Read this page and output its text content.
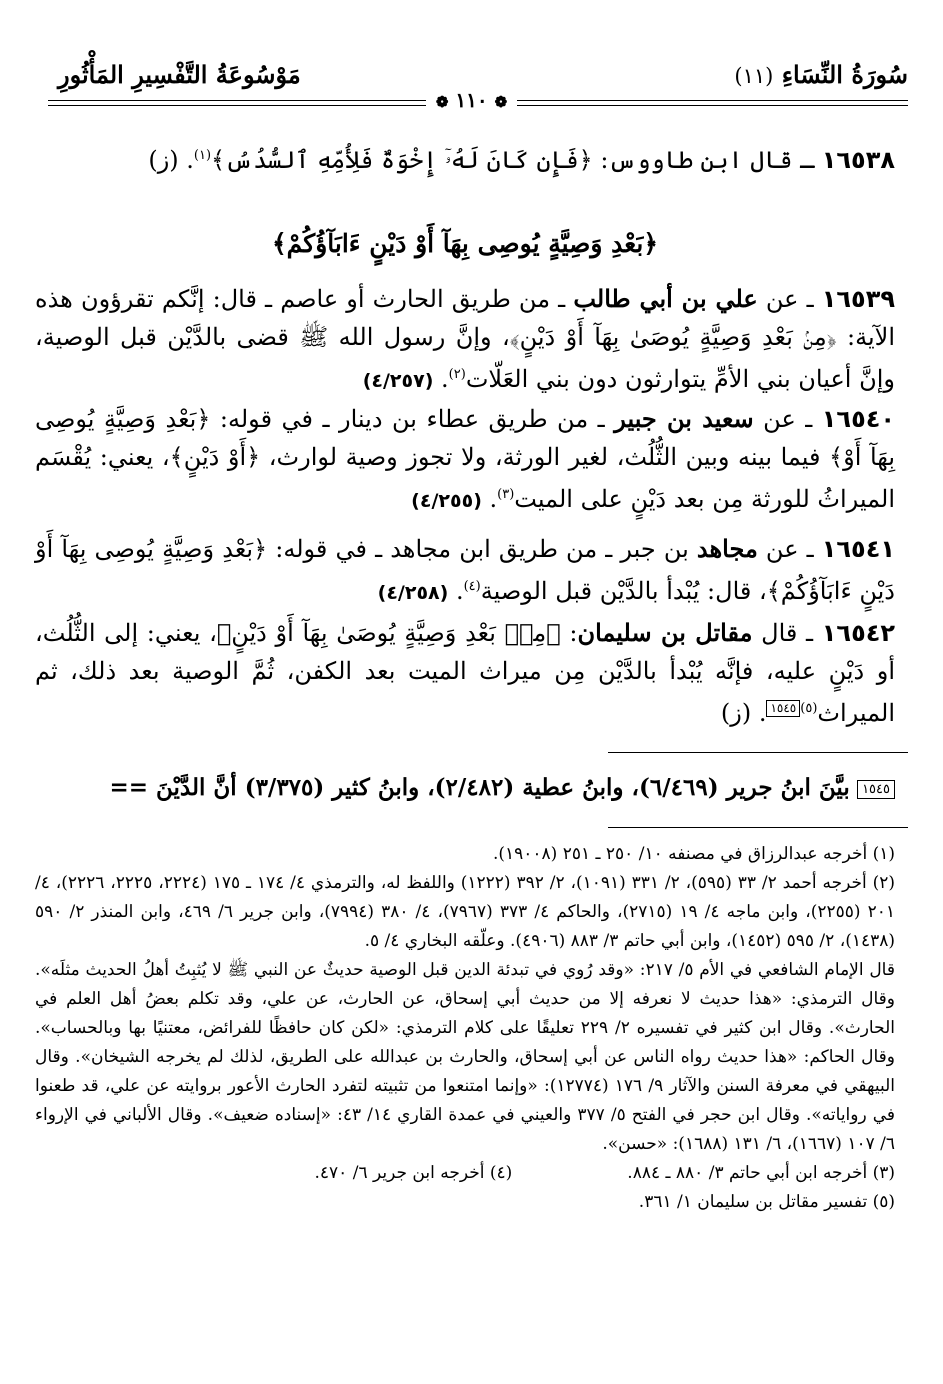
سُورَةُ النِّسَاءِ (١١)
مَوْسُوعَةُ التَّفْسِيرِ المَأْثُورِ
❁ ١١٠ ❁
١٦٥٣٨ ـ قال ابن طاووس: ﴿فَإِن كَانَ لَهُۥٓ إِخْوَةٌ فَلِأُمِّهِ ٱلسُّدُسُ﴾$^{(١)}$. (ز)
﴿بَعْدِ وَصِيَّةٍ يُوصِى بِهَآ أَوْ دَيْنٍ ءَابَآؤُكُمْ﴾
١٦٥٣٩ ـ عن علي بن أبي طالب ـ من طريق الحارث أو عاصم ـ قال: إنَّكم تقرؤون هذه الآية: ﴿مِنۢ بَعْدِ وَصِيَّةٍ يُوصَىٰ بِهَآ أَوْ دَيْنٍ﴾، وإنَّ رسول الله ﷺ قضى بالدَّيْن قبل الوصية، وإنَّ أعيان بني الأمِّ يتوارثون دون بني العَلّات$^{(٢)}$. (٤/٢٥٧)
١٦٥٤٠ ـ عن سعيد بن جبير ـ من طريق عطاء بن دينار ـ في قوله: ﴿بَعْدِ وَصِيَّةٍ يُوصِى بِهَآ أَوْ﴾ فيما بينه وبين الثُّلُث، لغير الورثة، ولا تجوز وصية لوارث، ﴿أَوْ دَيْنٍ﴾، يعني: يُقْسَم الميراثُ للورثة مِن بعد دَيْنٍ على الميت$^{(٣)}$. (٤/٢٥٥)
١٦٥٤١ ـ عن مجاهد بن جبر ـ من طريق ابن مجاهد ـ في قوله: ﴿بَعْدِ وَصِيَّةٍ يُوصِى بِهَآ أَوْ دَيْنٍ ءَابَآؤُكُمْ﴾، قال: يُبْدأ بالدَّيْن قبل الوصية$^{(٤)}$. (٤/٢٥٨)
١٦٥٤٢ ـ قال مقاتل بن سليمان: ﴿مِنۢ بَعْدِ وَصِيَّةٍ يُوصَىٰ بِهَآ أَوْ دَيْنٍ﴾، يعني: إلى الثُّلُث، أو دَيْنٍ عليه، فإنَّه يُبْدأ بالدَّيْن مِن ميراث الميت بعد الكفن، ثُمَّ الوصية بعد ذلك، ثم الميراث$^{(٥)}$١٥٤٥. (ز)
١٥٤٥ بيَّنَ ابنُ جرير (٦/٤٦٩)، وابنُ عطية (٢/٤٨٢)، وابنُ كثير (٣/٣٧٥) أنَّ الدَّيْنَ ==

(١) أخرجه عبدالرزاق في مصنفه ١٠/ ٢٥٠ ـ ٢٥١ (١٩٠٠٨).

(٢) أخرجه أحمد ٢/ ٣٣ (٥٩٥)، ٢/ ٣٣١ (١٠٩١)، ٢/ ٣٩٢ (١٢٢٢) واللفظ له، والترمذي ٤/ ١٧٤ ـ ١٧٥ (٢٢٢٤، ٢٢٢٥، ٢٢٢٦)، ٤/ ٢٠١ (٢٢٥٥)، وابن ماجه ٤/ ١٩ (٢٧١٥)، والحاكم ٤/ ٣٧٣ (٧٩٦٧)، ٤/ ٣٨٠ (٧٩٩٤)، وابن جرير ٦/ ٤٦٩، وابن المنذر ٢/ ٥٩٠ (١٤٣٨)، ٢/ ٥٩٥ (١٤٥٢)، وابن أبي حاتم ٣/ ٨٨٣ (٤٩٠٦). وعلّقه البخاري ٤/ ٥.

قال الإمام الشافعي في الأم ٥/ ٢١٧: «وقد رُوي في تبدئة الدين قبل الوصية حديثٌ عن النبي ﷺ لا يُثبِتُ أهلُ الحديث مثلَه». وقال الترمذي: «هذا حديث لا نعرفه إلا من حديث أبي إسحاق، عن الحارث، عن علي، وقد تكلم بعضُ أهل العلم في الحارث». وقال ابن كثير في تفسيره ٢/ ٢٢٩ تعليقًا على كلام الترمذي: «لكن كان حافظًا للفرائض، معتنيًا بها وبالحساب». وقال الحاكم: «هذا حديث رواه الناس عن أبي إسحاق، والحارث بن عبدالله على الطريق، لذلك لم يخرجه الشيخان». وقال البيهقي في معرفة السنن والآثار ٩/ ١٧٦ (١٢٧٧٤): «وإنما امتنعوا من تثبيته لتفرد الحارث الأعور بروايته عن علي، قد طعنوا في رواياته». وقال ابن حجر في الفتح ٥/ ٣٧٧ والعيني في عمدة القاري ١٤/ ٤٣: «إسناده ضعيف». وقال الألباني في الإرواء ٦/ ١٠٧ (١٦٦٧)، ٦/ ١٣١ (١٦٨٨): «حسن».

(٣) أخرجه ابن أبي حاتم ٣/ ٨٨٠ ـ ٨٨٤.
(٤) أخرجه ابن جرير ٦/ ٤٧٠.

(٥) تفسير مقاتل بن سليمان ١/ ٣٦١.
